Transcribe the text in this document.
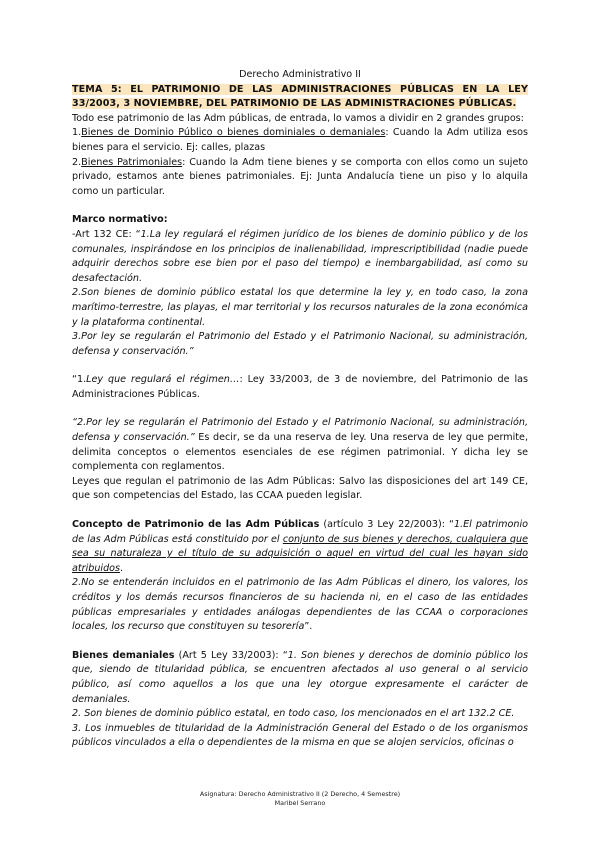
Derecho Administrativo II

TEMA 5: EL PATRIMONIO DE LAS ADMINISTRACIONES PÚBLICAS EN LA LEY 33/2003, 3 NOVIEMBRE, DEL PATRIMONIO DE LAS ADMINISTRACIONES PÚBLICAS.

Todo ese patrimonio de las Adm públicas, de entrada, lo vamos a dividir en 2 grandes grupos:

1.Bienes de Dominio Público o bienes dominiales o demaniales: Cuando la Adm utiliza esos bienes para el servicio. Ej: calles, plazas

2.Bienes Patrimoniales: Cuando la Adm tiene bienes y se comporta con ellos como un sujeto privado, estamos ante bienes patrimoniales. Ej: Junta Andalucía tiene un piso y lo alquila como un particular.

Marco normativo:

-Art 132 CE: “1.La ley regulará el régimen jurídico de los bienes de dominio público y de los comunales, inspirándose en los principios de inalienabilidad, imprescriptibilidad (nadie puede adquirir derechos sobre ese bien por el paso del tiempo) e inembargabilidad, así como su desafectación.

2.Son bienes de dominio público estatal los que determine la ley y, en todo caso, la zona marítimo-terrestre, las playas, el mar territorial y los recursos naturales de la zona económica y la plataforma continental.

3.Por ley se regularán el Patrimonio del Estado y el Patrimonio Nacional, su administración, defensa y conservación.”

“1.Ley que regulará el régimen…: Ley 33/2003, de 3 de noviembre, del Patrimonio de las Administraciones Públicas.

“2.Por ley se regularán el Patrimonio del Estado y el Patrimonio Nacional, su administración, defensa y conservación.” Es decir, se da una reserva de ley. Una reserva de ley que permite, delimita conceptos o elementos esenciales de ese régimen patrimonial. Y dicha ley se complementa con reglamentos.

Leyes que regulan el patrimonio de las Adm Públicas: Salvo las disposiciones del art 149 CE, que son competencias del Estado, las CCAA pueden legislar.

Concepto de Patrimonio de las Adm Públicas (artículo 3 Ley 22/2003): “1.El patrimonio de las Adm Públicas está constituido por el conjunto de sus bienes y derechos, cualquiera que sea su naturaleza y el título de su adquisición o aquel en virtud del cual les hayan sido atribuidos.

2.No se entenderán incluidos en el patrimonio de las Adm Públicas el dinero, los valores, los créditos y los demás recursos financieros de su hacienda ni, en el caso de las entidades públicas empresariales y entidades análogas dependientes de las CCAA o corporaciones locales, los recurso que constituyen su tesorería”.

Bienes demaniales (Art 5 Ley 33/2003): “1. Son bienes y derechos de dominio público los que, siendo de titularidad pública, se encuentren afectados al uso general o al servicio público, así como aquellos a los que una ley otorgue expresamente el carácter de demaniales.

2. Son bienes de dominio público estatal, en todo caso, los mencionados en el art 132.2 CE.

3. Los inmuebles de titularidad de la Administración General del Estado o de los organismos públicos vinculados a ella o dependientes de la misma en que se alojen servicios, oficinas o

Asignatura: Derecho Administrativo II (2 Derecho, 4 Semestre)
Maribel Serrano
